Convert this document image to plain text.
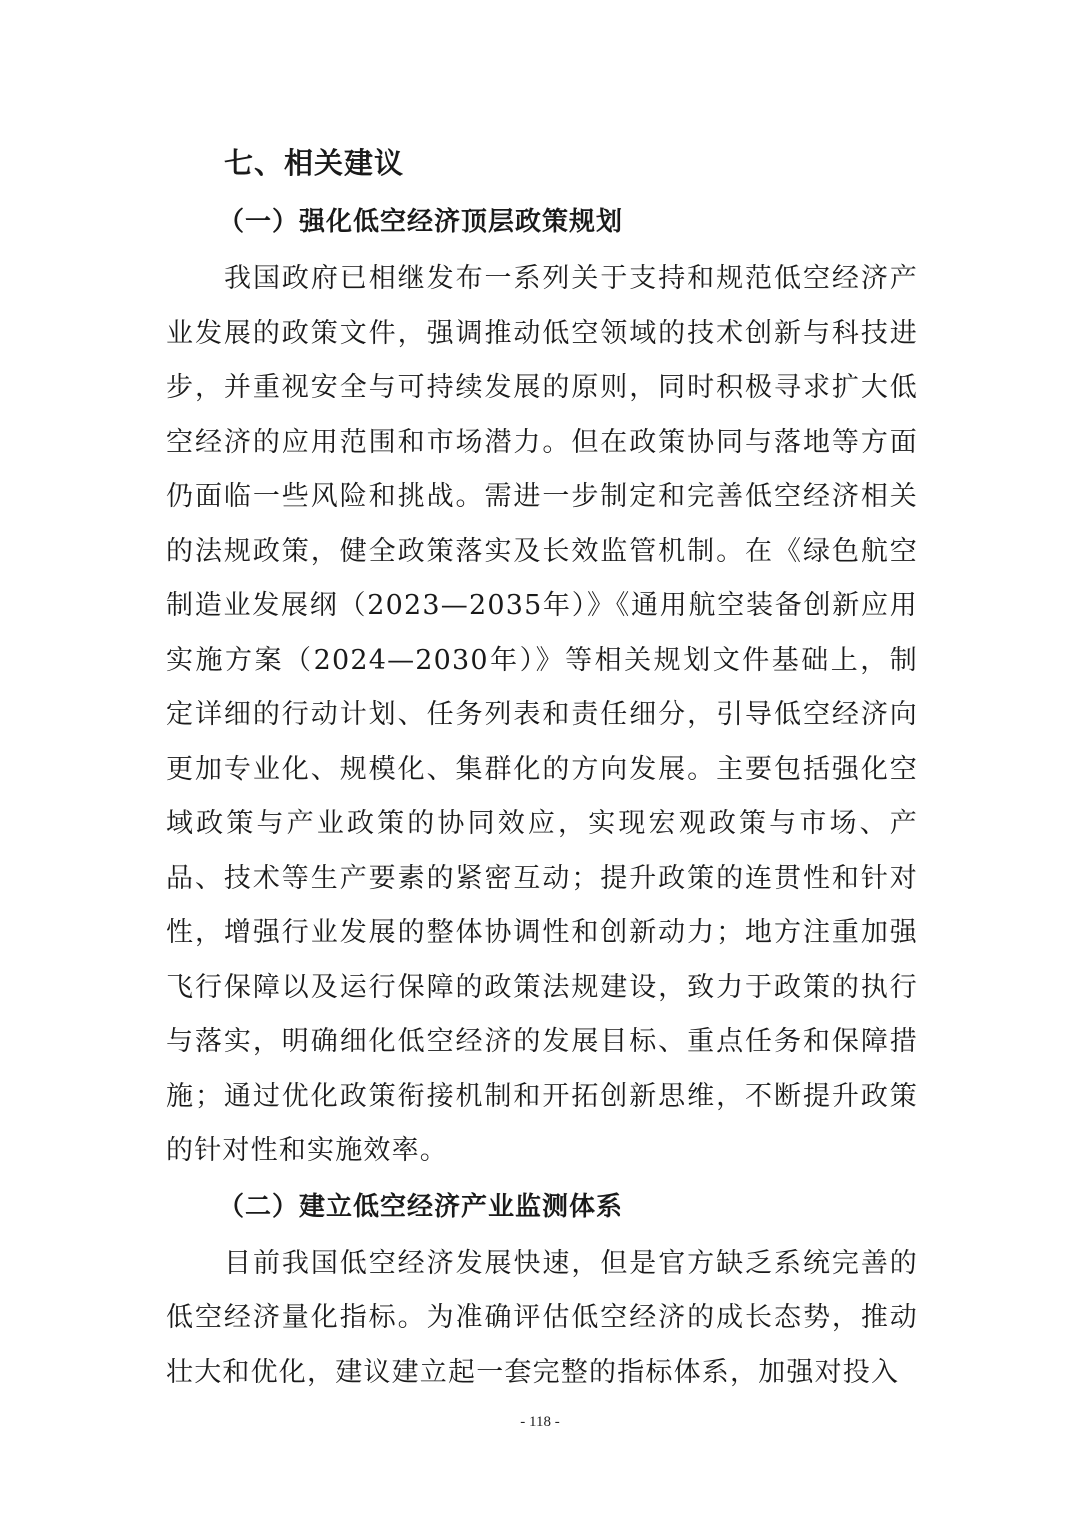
七、相关建议
（一）强化低空经济顶层政策规划

我国政府已相继发布一系列关于支持和规范低空经济产业发展的政策文件，强调推动低空领域的技术创新与科技进步，并重视安全与可持续发展的原则，同时积极寻求扩大低空经济的应用范围和市场潜力。但在政策协同与落地等方面仍面临一些风险和挑战。需进一步制定和完善低空经济相关的法规政策，健全政策落实及长效监管机制。在《绿色航空制造业发展纲（2023—2035年）》《通用航空装备创新应用实施方案（2024—2030年）》等相关规划文件基础上，制定详细的行动计划、任务列表和责任细分，引导低空经济向更加专业化、规模化、集群化的方向发展。主要包括强化空域政策与产业政策的协同效应，实现宏观政策与市场、产品、技术等生产要素的紧密互动；提升政策的连贯性和针对性，增强行业发展的整体协调性和创新动力；地方注重加强飞行保障以及运行保障的政策法规建设，致力于政策的执行与落实，明确细化低空经济的发展目标、重点任务和保障措施；通过优化政策衔接机制和开拓创新思维，不断提升政策的针对性和实施效率。

（二）建立低空经济产业监测体系

目前我国低空经济发展快速，但是官方缺乏系统完善的低空经济量化指标。为准确评估低空经济的成长态势，推动壮大和优化，建议建立起一套完整的指标体系，加强对投入

- 118 -
